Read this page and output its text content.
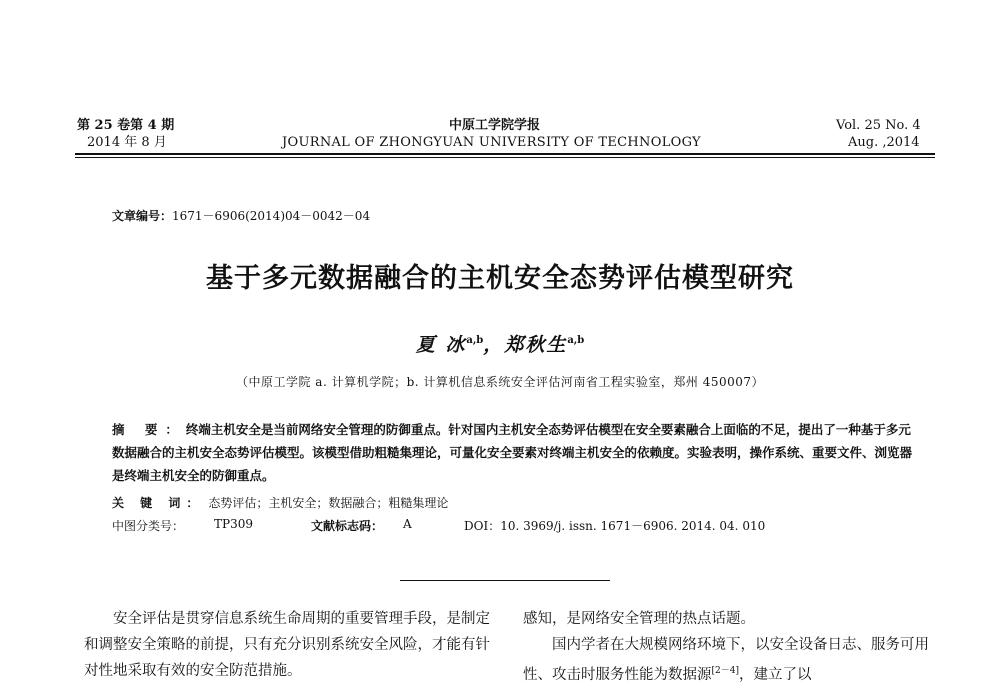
第 25 卷第 4 期
2014 年 8 月
中原工学院学报
JOURNAL OF ZHONGYUAN UNIVERSITY OF TECHNOLOGY
Vol. 25 No. 4
Aug. ,2014
文章编号：1671－6906(2014)04－0042－04
基于多元数据融合的主机安全态势评估模型研究
夏 冰$^{a,b}$，郑秋生$^{a,b}$
（中原工学院 a. 计算机学院；b. 计算机信息系统安全评估河南省工程实验室，郑州 450007）
摘 要：终端主机安全是当前网络安全管理的防御重点。针对国内主机安全态势评估模型在安全要素融合上面临的不足，提出了一种基于多元数据融合的主机安全态势评估模型。该模型借助粗糙集理论，可量化安全要素对终端主机安全的依赖度。实验表明，操作系统、重要文件、浏览器是终端主机安全的防御重点。
关 键 词： 态势评估；主机安全；数据融合；粗糙集理论
中图分类号： TP309	文献标志码： A	DOI：10. 3969/j. issn. 1671－6906. 2014. 04. 010

安全评估是贯穿信息系统生命周期的重要管理手段，是制定和调整安全策略的前提，只有充分识别系统安全风险，才能有针对性地采取有效的安全防范措施。

感知，是网络安全管理的热点话题。

国内学者在大规模网络环境下，以安全设备日志、服务可用性、攻击时服务性能为数据源[2－4]，建立了以
